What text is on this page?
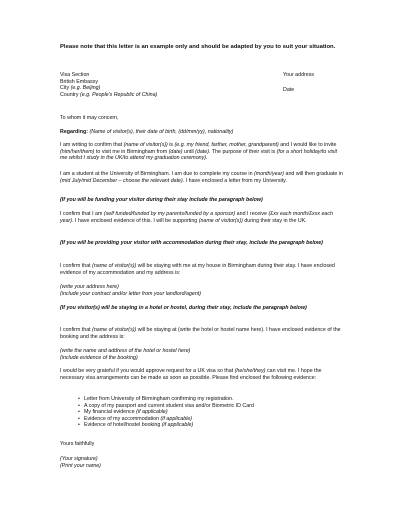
Please note that this letter is an example only and should be adapted by you to suit your situation.
Visa Section
British Embassy
City (e.g. Beijing)
Country (e.g. People's Republic of China)
Your address
Date
To whom it may concern,
Regarding: (Name of visitor(s), their date of birth, (dd/mm/yy), nationality)

I am writing to confirm that (name of visitor(s)) is (e.g. my friend, farther, mother, grandparent) and I would like to invite (him/her/them) to visit me in Birmingham from (date) until (date). The purpose of their visit is (for a short holiday/to visit me whilst I study in the UK/to attend my graduation ceremony).

I am a student at the University of Birmingham. I am due to complete my course in (month/year) and will then graduate in (mid July/mid December – choose the relevant date). I have enclosed a letter from my University.

(If you will be funding your visitor during their stay include the paragraph below)

I confirm that I am (self funded/funded by my parents/funded by a sponsor) and I receive (£xx each month/£xxx each year). I have enclosed evidence of this. I will be supporting (name of visitor(s)) during their stay in the UK.

(If you will be providing your visitor with accommodation during their stay, include the paragraph below)

I confirm that (name of visitor(s)) will be staying with me at my house in Birmingham during their stay. I have enclosed evidence of my accommodation and my address is:

(write your address here)
(include your contract and/or letter from your landlord/agent)
(If you visitor(s) will be staying in a hotel or hostel, during their stay, include the paragraph below)

I confirm that (name of visitor(s)) will be staying at (write the hotel or hostel name here). I have enclosed evidence of the booking and the address is:

(write the name and address of the hotel or hostel here)
(include evidence of the booking)

I would be very grateful if you would approve request for a UK visa so that (he/she/they) can visit me. I hope the necessary visa arrangements can be made as soon as possible. Please find enclosed the following evidence:

• Letter from University of Birmingham confirming my registration.
• A copy of my passport and current student visa and/or Biometric ID Card
• My financial evidence (if applicable)
• Evidence of my accommodation (if applicable)
• Evidence of hotel/hostel booking (if applicable)
Yours faithfully
(Your signature)
(Print your name)
